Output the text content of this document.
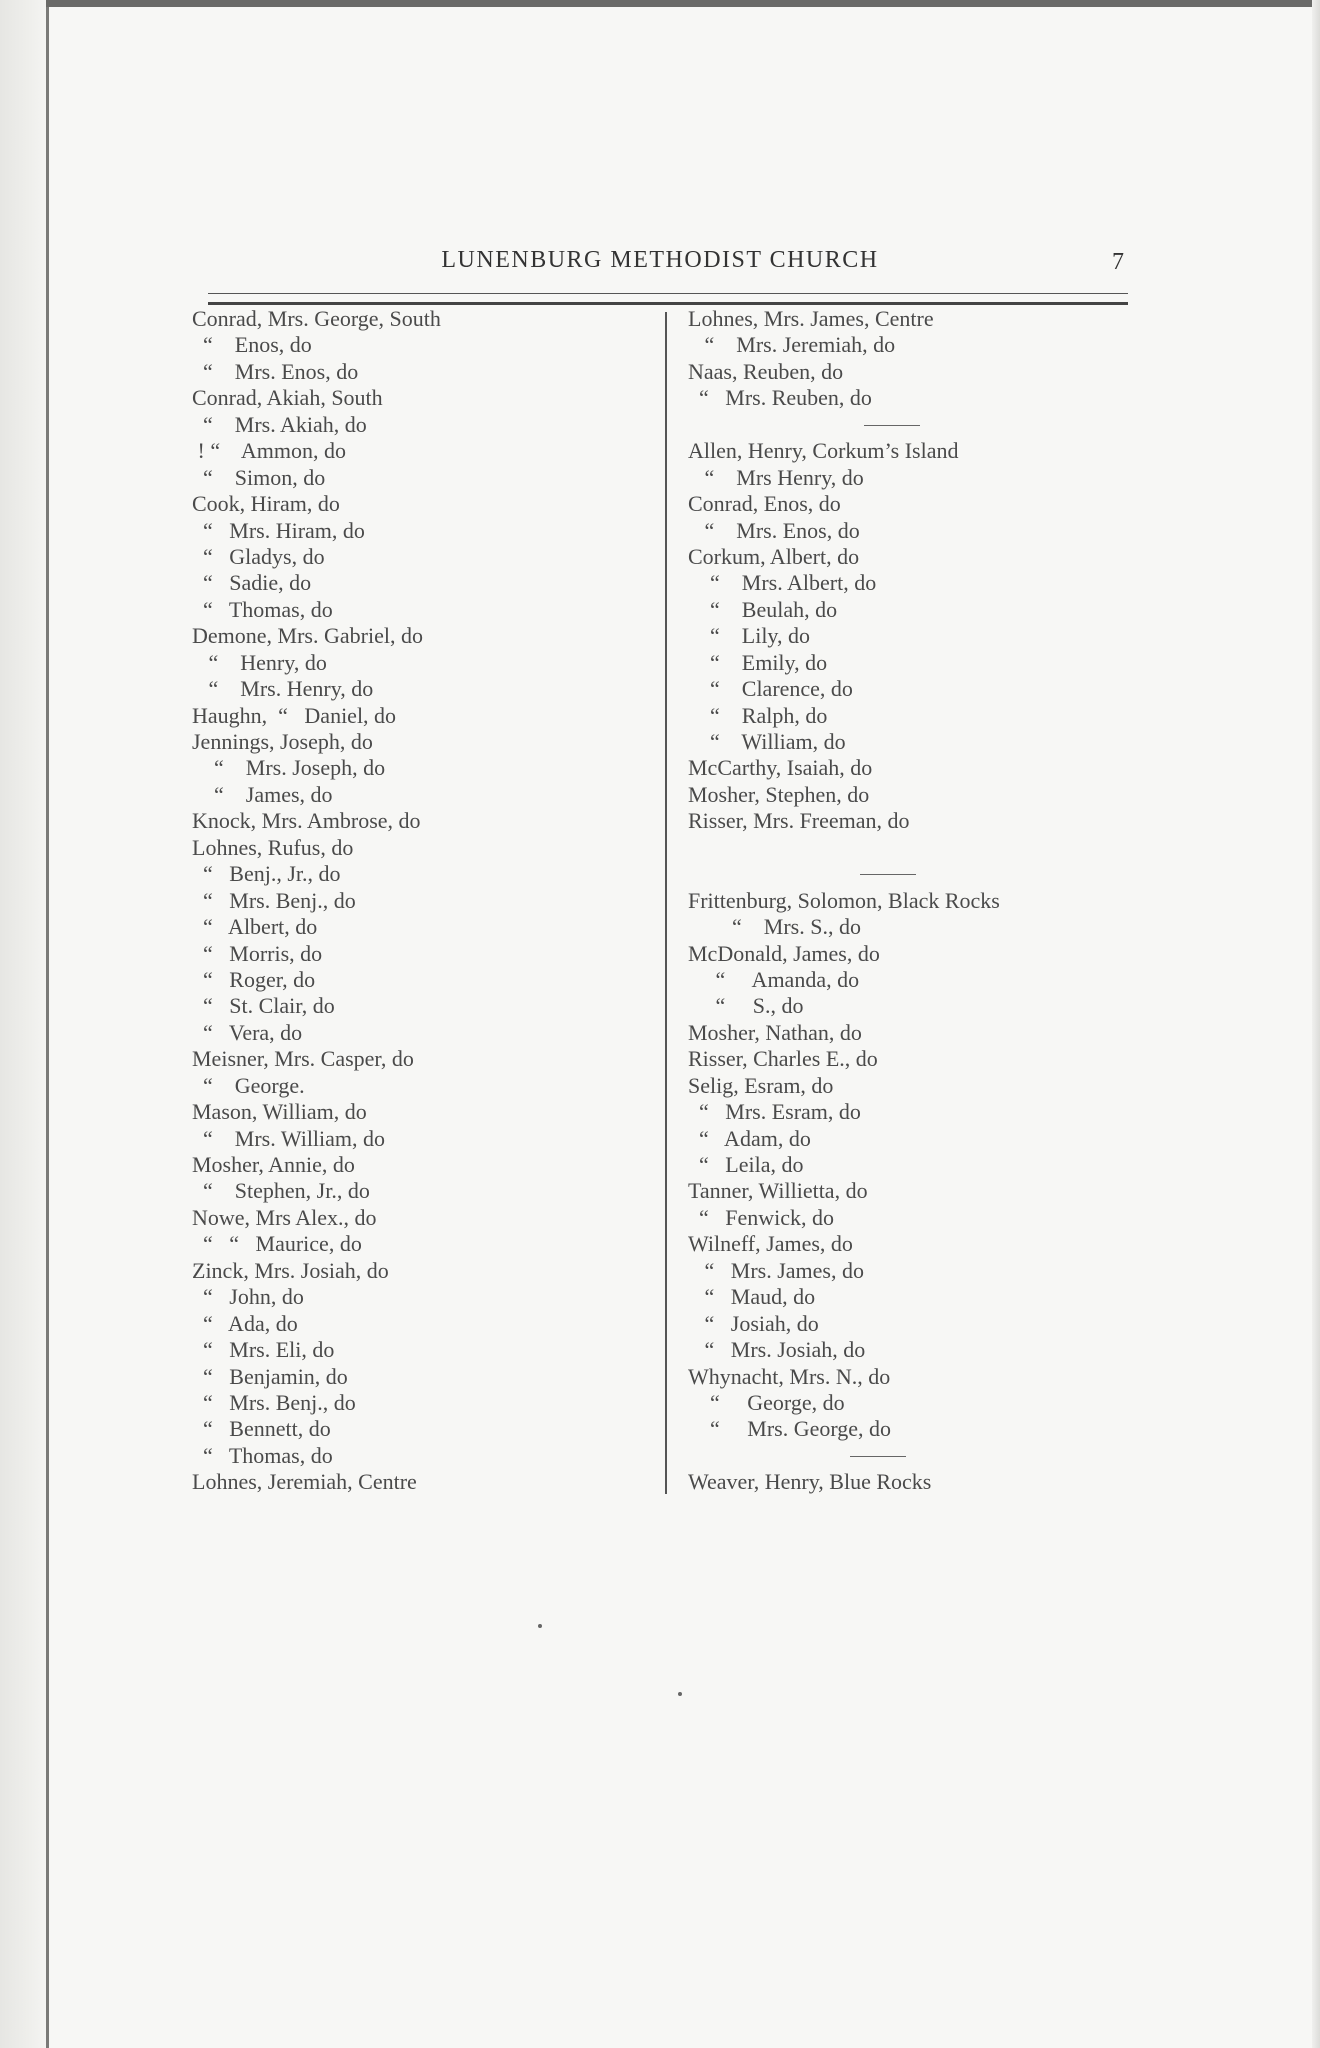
LUNENBURG METHODIST CHURCH	7
Conrad, Mrs. George, South
“    Enos, do
“    Mrs. Enos, do
Conrad, Akiah, South
“    Mrs. Akiah, do
! “    Ammon, do
“    Simon, do
Cook, Hiram, do
“   Mrs. Hiram, do
“   Gladys, do
“   Sadie, do
“   Thomas, do
Demone, Mrs. Gabriel, do
“    Henry, do
“    Mrs. Henry, do
Haughn,  “   Daniel, do
Jennings, Joseph, do
“    Mrs. Joseph, do
“    James, do
Knock, Mrs. Ambrose, do
Lohnes, Rufus, do
“   Benj., Jr., do
“   Mrs. Benj., do
“   Albert, do
“   Morris, do
“   Roger, do
“   St. Clair, do
“   Vera, do
Meisner, Mrs. Casper, do
“    George.
Mason, William, do
“    Mrs. William, do
Mosher, Annie, do
“    Stephen, Jr., do
Nowe, Mrs Alex., do
“   “   Maurice, do
Zinck, Mrs. Josiah, do
“   John, do
“   Ada, do
“   Mrs. Eli, do
“   Benjamin, do
“   Mrs. Benj., do
“   Bennett, do
“   Thomas, do
Lohnes, Jeremiah, Centre
Lohnes, Mrs. James, Centre
“    Mrs. Jeremiah, do
Naas, Reuben, do
“   Mrs. Reuben, do
Allen, Henry, Corkum’s Island
“    Mrs Henry, do
Conrad, Enos, do
“    Mrs. Enos, do
Corkum, Albert, do
“    Mrs. Albert, do
“    Beulah, do
“    Lily, do
“    Emily, do
“    Clarence, do
“    Ralph, do
“    William, do
McCarthy, Isaiah, do
Mosher, Stephen, do
Risser, Mrs. Freeman, do
Frittenburg, Solomon, Black Rocks
“    Mrs. S., do
McDonald, James, do
“     Amanda, do
“     S., do
Mosher, Nathan, do
Risser, Charles E., do
Selig, Esram, do
“   Mrs. Esram, do
“   Adam, do
“   Leila, do
Tanner, Willietta, do
“   Fenwick, do
Wilneff, James, do
“   Mrs. James, do
“   Maud, do
“   Josiah, do
“   Mrs. Josiah, do
Whynacht, Mrs. N., do
“     George, do
“     Mrs. George, do
Weaver, Henry, Blue Rocks
